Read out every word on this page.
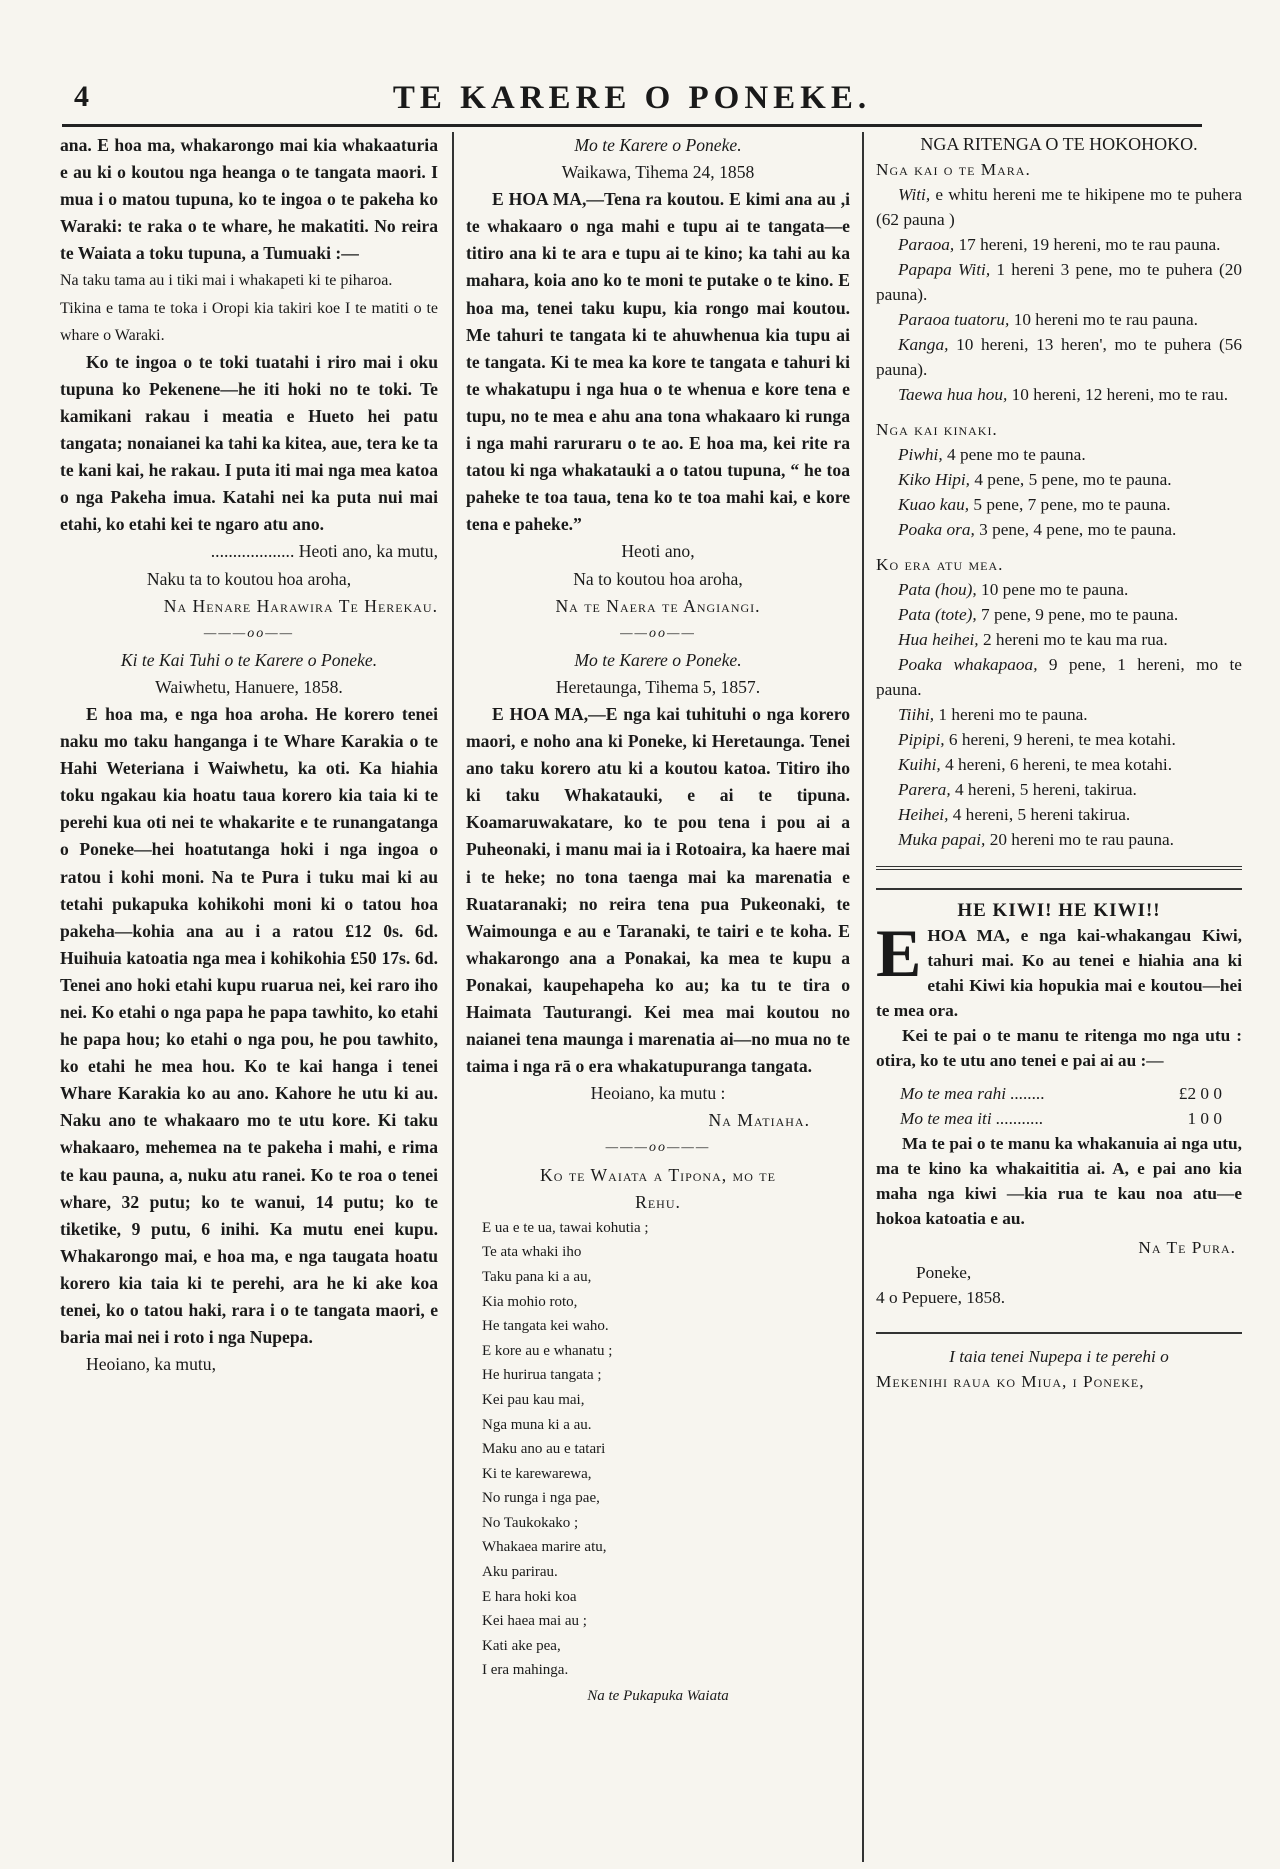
4	TE KARERE O PONEKE.

ana. E hoa ma, whakarongo mai kia whakaaturia e au ki o koutou nga heanga o te tangata maori. I mua i o matou tupuna, ko te ingoa o te pakeha ko Waraki: te raka o te whare, he makatiti. No reira te Waiata a toku tupuna, a Tumuaki :—

Na taku tama au i tiki mai i whakapeti ki te piharoa.

Tikina e tama te toka i Oropi kia takiri koe I te matiti o te whare o Waraki.

Ko te ingoa o te toki tuatahi i riro mai i oku tupuna ko Pekenene—he iti hoki no te toki. Te kamikani rakau i meatia e Hueto hei patu tangata; nonaianei ka tahi ka kitea, aue, tera ke ta te kani kai, he rakau. I puta iti mai nga mea katoa o nga Pakeha imua. Katahi nei ka puta nui mai etahi, ko etahi kei te ngaro atu ano.

................... Heoti ano, ka mutu,

Naku ta to koutou hoa aroha,

Na Henare Harawira Te Herekau.

———oo——

Ki te Kai Tuhi o te Karere o Poneke.

Waiwhetu, Hanuere, 1858.

E hoa ma, e nga hoa aroha. He korero tenei naku mo taku hanganga i te Whare Karakia o te Hahi Weteriana i Waiwhetu, ka oti. Ka hiahia toku ngakau kia hoatu taua korero kia taia ki te perehi kua oti nei te whakarite e te runangatanga o Poneke—hei hoatutanga hoki i nga ingoa o ratou i kohi moni. Na te Pura i tuku mai ki au tetahi pukapuka kohikohi moni ki o tatou hoa pakeha—kohia ana au i a ratou £12 0s. 6d. Huihuia katoatia nga mea i kohikohia £50 17s. 6d. Tenei ano hoki etahi kupu ruarua nei, kei raro iho nei. Ko etahi o nga papa he papa tawhito, ko etahi he papa hou; ko etahi o nga pou, he pou tawhito, ko etahi he mea hou. Ko te kai hanga i tenei Whare Karakia ko au ano. Kahore he utu ki au. Naku ano te whakaaro mo te utu kore. Ki taku whakaaro, mehemea na te pakeha i mahi, e rima te kau pauna, a, nuku atu ranei. Ko te roa o tenei whare, 32 putu; ko te wanui, 14 putu; ko te tiketike, 9 putu, 6 inihi. Ka mutu enei kupu. Whakarongo mai, e hoa ma, e nga taugata hoatu korero kia taia ki te perehi, ara he ki ake koa tenei, ko o tatou haki, rara i o te tangata maori, e baria mai nei i roto i nga Nupepa.

Heoiano, ka mutu,

Mo te Karere o Poneke.

Waikawa, Tihema 24, 1858

E HOA MA,—Tena ra koutou. E kimi ana au ,i te whakaaro o nga mahi e tupu ai te tangata—e titiro ana ki te ara e tupu ai te kino; ka tahi au ka mahara, koia ano ko te moni te putake o te kino. E hoa ma, tenei taku kupu, kia rongo mai koutou. Me tahuri te tangata ki te ahuwhenua kia tupu ai te tangata. Ki te mea ka kore te tangata e tahuri ki te whakatupu i nga hua o te whenua e kore tena e tupu, no te mea e ahu ana tona whakaaro ki runga i nga mahi raruraru o te ao. E hoa ma, kei rite ra tatou ki nga whakatauki a o tatou tupuna, “ he toa paheke te toa taua, tena ko te toa mahi kai, e kore tena e paheke.”

Heoti ano,

Na to koutou hoa aroha,

Na te Naera te Angiangi.

——oo——

Mo te Karere o Poneke.

Heretaunga, Tihema 5, 1857.

E HOA MA,—E nga kai tuhituhi o nga korero maori, e noho ana ki Poneke, ki Heretaunga. Tenei ano taku korero atu ki a koutou katoa. Titiro iho ki taku Whakatauki, e ai te tipuna. Koamaruwakatare, ko te pou tena i pou ai a Puheonaki, i manu mai ia i Rotoaira, ka haere mai i te heke; no tona taenga mai ka marenatia e Ruataranaki; no reira tena pua Pukeonaki, te Waimounga e au e Taranaki, te tairi e te koha. E whakarongo ana a Ponakai, ka mea te kupu a Ponakai, kaupehapeha ko au; ka tu te tira o Haimata Tauturangi. Kei mea mai koutou no naianei tena maunga i marenatia ai—no mua no te taima i nga rā o era whakatupuranga tangata.

Heoiano, ka mutu :

Na Matiaha.

———oo———

Ko te Waiata a Tipona, mo te

Rehu.

E ua e te ua, tawai kohutia ;
Te ata whaki iho
Taku pana ki a au,
Kia mohio roto,
He tangata kei waho.
E kore au e whanatu ;
He hurirua tangata ;
Kei pau kau mai,
Nga muna ki a au.
Maku ano au e tatari
Ki te karewarewa,
No runga i nga pae,
No Taukokako ;
Whakaea marire atu,
Aku parirau.
E hara hoki koa
Kei haea mai au ;
Kati ake pea,
I era mahinga.

Na te Pukapuka Waiata

NGA RITENGA O TE HOKOHOKO.

Nga kai o te Mara.

Witi, e whitu hereni me te hikipene mo te puhera (62 pauna )

Paraoa, 17 hereni, 19 hereni, mo te rau pauna.

Papapa Witi, 1 hereni 3 pene, mo te puhera (20 pauna).

Paraoa tuatoru, 10 hereni mo te rau pauna.

Kanga, 10 hereni, 13 heren', mo te puhera (56 pauna).

Taewa hua hou, 10 hereni, 12 hereni, mo te rau.

Nga kai kinaki.

Piwhi, 4 pene mo te pauna.

Kiko Hipi, 4 pene, 5 pene, mo te pauna.

Kuao kau, 5 pene, 7 pene, mo te pauna.

Poaka ora, 3 pene, 4 pene, mo te pauna.

Ko era atu mea.

Pata (hou), 10 pene mo te pauna.

Pata (tote), 7 pene, 9 pene, mo te pauna.

Hua heihei, 2 hereni mo te kau ma rua.

Poaka whakapaoa, 9 pene, 1 hereni, mo te pauna.

Tiihi, 1 hereni mo te pauna.

Pipipi, 6 hereni, 9 hereni, te mea kotahi.

Kuihi, 4 hereni, 6 hereni, te mea kotahi.

Parera, 4 hereni, 5 hereni, takirua.

Heihei, 4 hereni, 5 hereni takirua.

Muka papai, 20 hereni mo te rau pauna.

HE KIWI! HE KIWI!!

EHOA MA, e nga kai-whakangau Kiwi, tahuri mai. Ko au tenei e hiahia ana ki etahi Kiwi kia hopukia mai e koutou—hei te mea ora.

Kei te pai o te manu te ritenga mo nga utu : otira, ko te utu ano tenei e pai ai au :—

Mo te mea rahi ........	£2 0 0
Mo te mea iti ...........	1 0 0

Ma te pai o te manu ka whakanuia ai nga utu, ma te kino ka whakaititia ai. A, e pai ano kia maha nga kiwi —kia rua te kau noa atu—e hokoa katoatia e au.

Na Te Pura.

Poneke,

4 o Pepuere, 1858.

I taia tenei Nupepa i te perehi o

Mekenihi raua ko Miua, i Poneke,
